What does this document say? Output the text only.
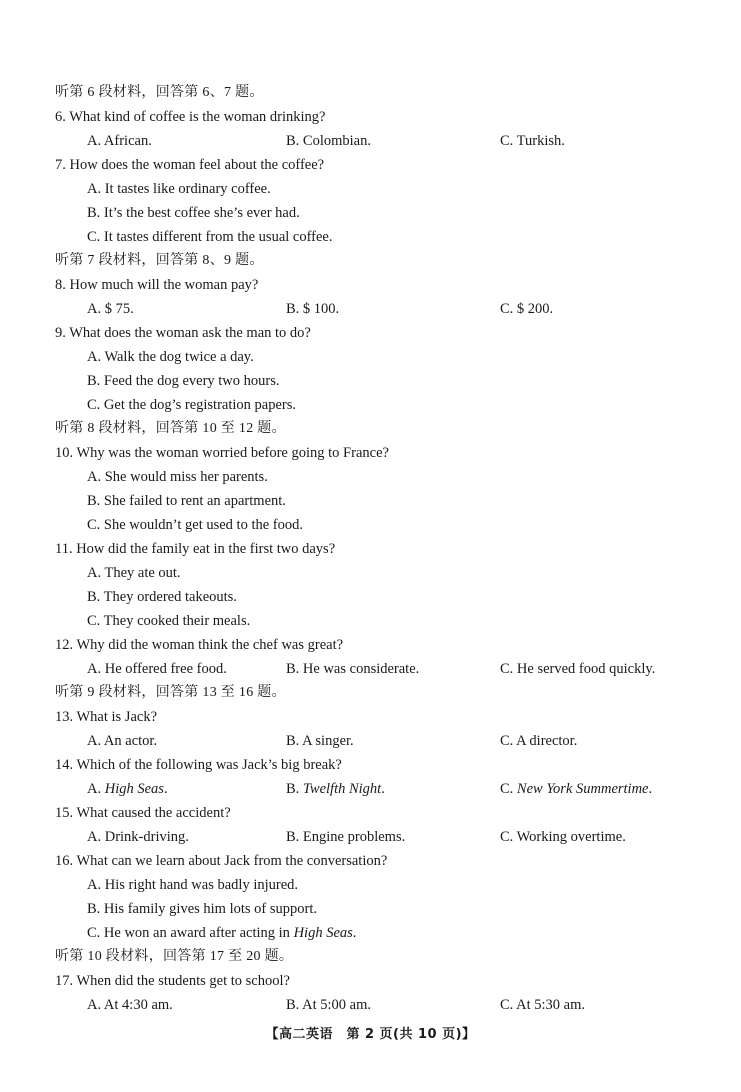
听第 6 段材料，回答第 6、7 题。
6. What kind of coffee is the woman drinking?
A. African.	B. Colombian.	C. Turkish.
7. How does the woman feel about the coffee?
A. It tastes like ordinary coffee.
B. It’s the best coffee she’s ever had.
C. It tastes different from the usual coffee.
听第 7 段材料，回答第 8、9 题。
8. How much will the woman pay?
A. $ 75.	B. $ 100.	C. $ 200.
9. What does the woman ask the man to do?
A. Walk the dog twice a day.
B. Feed the dog every two hours.
C. Get the dog’s registration papers.
听第 8 段材料，回答第 10 至 12 题。
10. Why was the woman worried before going to France?
A. She would miss her parents.
B. She failed to rent an apartment.
C. She wouldn’t get used to the food.
11. How did the family eat in the first two days?
A. They ate out.
B. They ordered takeouts.
C. They cooked their meals.
12. Why did the woman think the chef was great?
A. He offered free food.	B. He was considerate.	C. He served food quickly.
听第 9 段材料，回答第 13 至 16 题。
13. What is Jack?
A. An actor.	B. A singer.	C. A director.
14. Which of the following was Jack’s big break?
A. High Seas.	B. Twelfth Night.	C. New York Summertime.
15. What caused the accident?
A. Drink-driving.	B. Engine problems.	C. Working overtime.
16. What can we learn about Jack from the conversation?
A. His right hand was badly injured.
B. His family gives him lots of support.
C. He won an award after acting in High Seas.
听第 10 段材料，回答第 17 至 20 题。
17. When did the students get to school?
A. At 4:30 am.	B. At 5:00 am.	C. At 5:30 am.
【高二英语　第 2 页(共 10 页)】
